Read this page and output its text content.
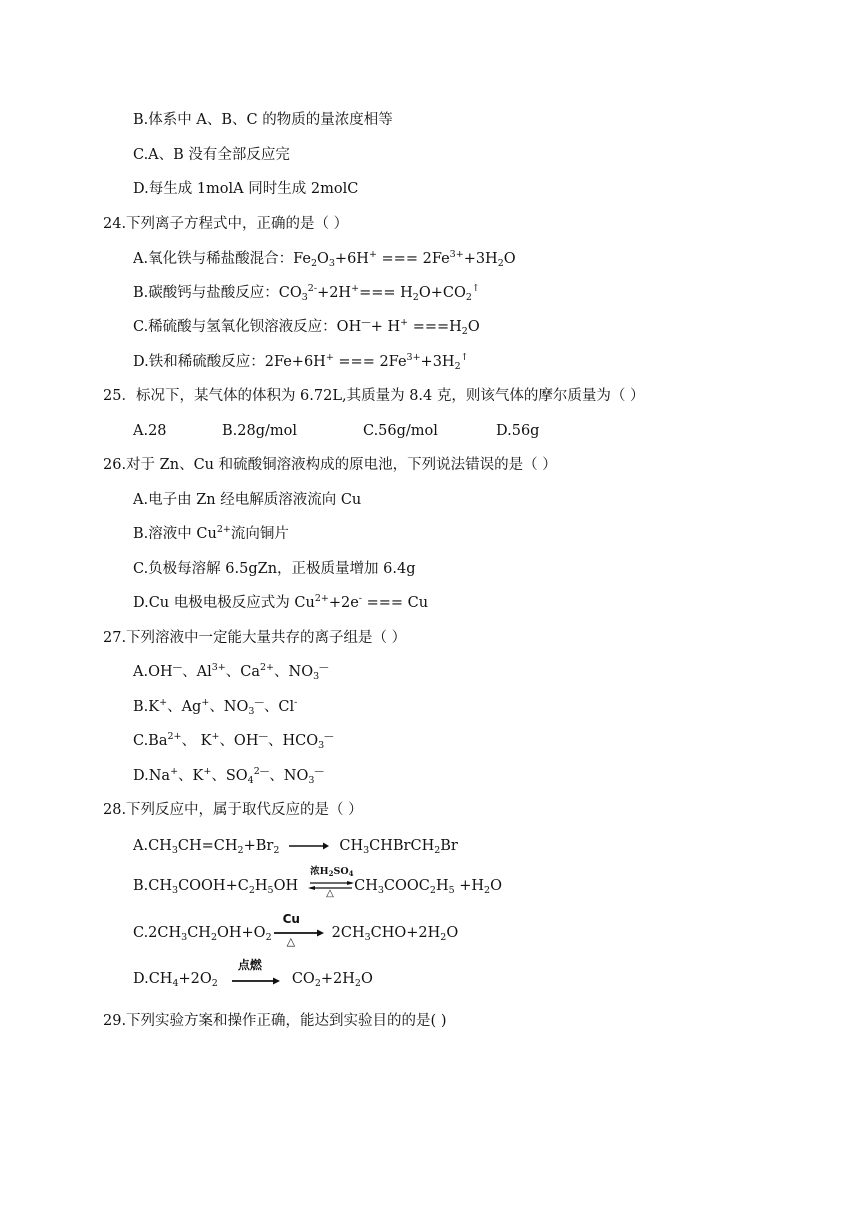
B.体系中 A、B、C 的物质的量浓度相等
C.A、B 没有全部反应完
D.每生成 1molA 同时生成 2molC
24.下列离子方程式中，正确的是（ ）
A.氧化铁与稀盐酸混合：$Fe_2O_3+6H^+$ === $2Fe^{3+}+3H_2O$
B.碳酸钙与盐酸反应：$CO_3^{2-}+2H^+=== H_2O+CO_2^↑$
C.稀硫酸与氢氧化钡溶液反应：$OH^—+ H^+ ===H_2O$
D.铁和稀硫酸反应：2Fe+6H+ === $2Fe^{3+}+3H_2^↑$
25．标况下，某气体的体积为 6.72L,其质量为 8.4 克，则该气体的摩尔质量为（ ）
A.28	B.28g/mol	C.56g/mol	D.56g
26.对于 Zn、Cu 和硫酸铜溶液构成的原电池，下列说法错误的是（ ）
A.电子由 Zn 经电解质溶液流向 Cu
B.溶液中 $Cu^{2+}$流向铜片
C.负极每溶解 6.5gZn，正极质量增加 6.4g
D.Cu 电极电极反应式为 $Cu^{2+}+2e^-$ === Cu
27.下列溶液中一定能大量共存的离子组是（ ）
A.OH—、$Al^{3+}$、$Ca^{2+}$、$NO_3^—$
B.K+、Ag+、$NO_3^—$、Cl-
$C.Ba^{2+}$、 K+、OH—、$HCO_3^—$
D.Na+、K+、$SO_4^{2—}$、$NO_3^—$
28.下列反应中，属于取代反应的是（ ）
$A.CH_3CH=CH_2+Br_2$ → $CH_3CHBrCH_2Br$
$B.CH_3COOH+C_2H_5OH$
浓$H_2SO_4$
△ $CH_3COOC_2H_5 +H_2O$
$C.2CH_3CH_2OH+O_2$
Cu
△
$2CH_3CHO+2H_2O$
$D.CH_4+2O_2$
点燃
$CO_2+2H_2O$
29.下列实验方案和操作正确，能达到实验目的的是( )
